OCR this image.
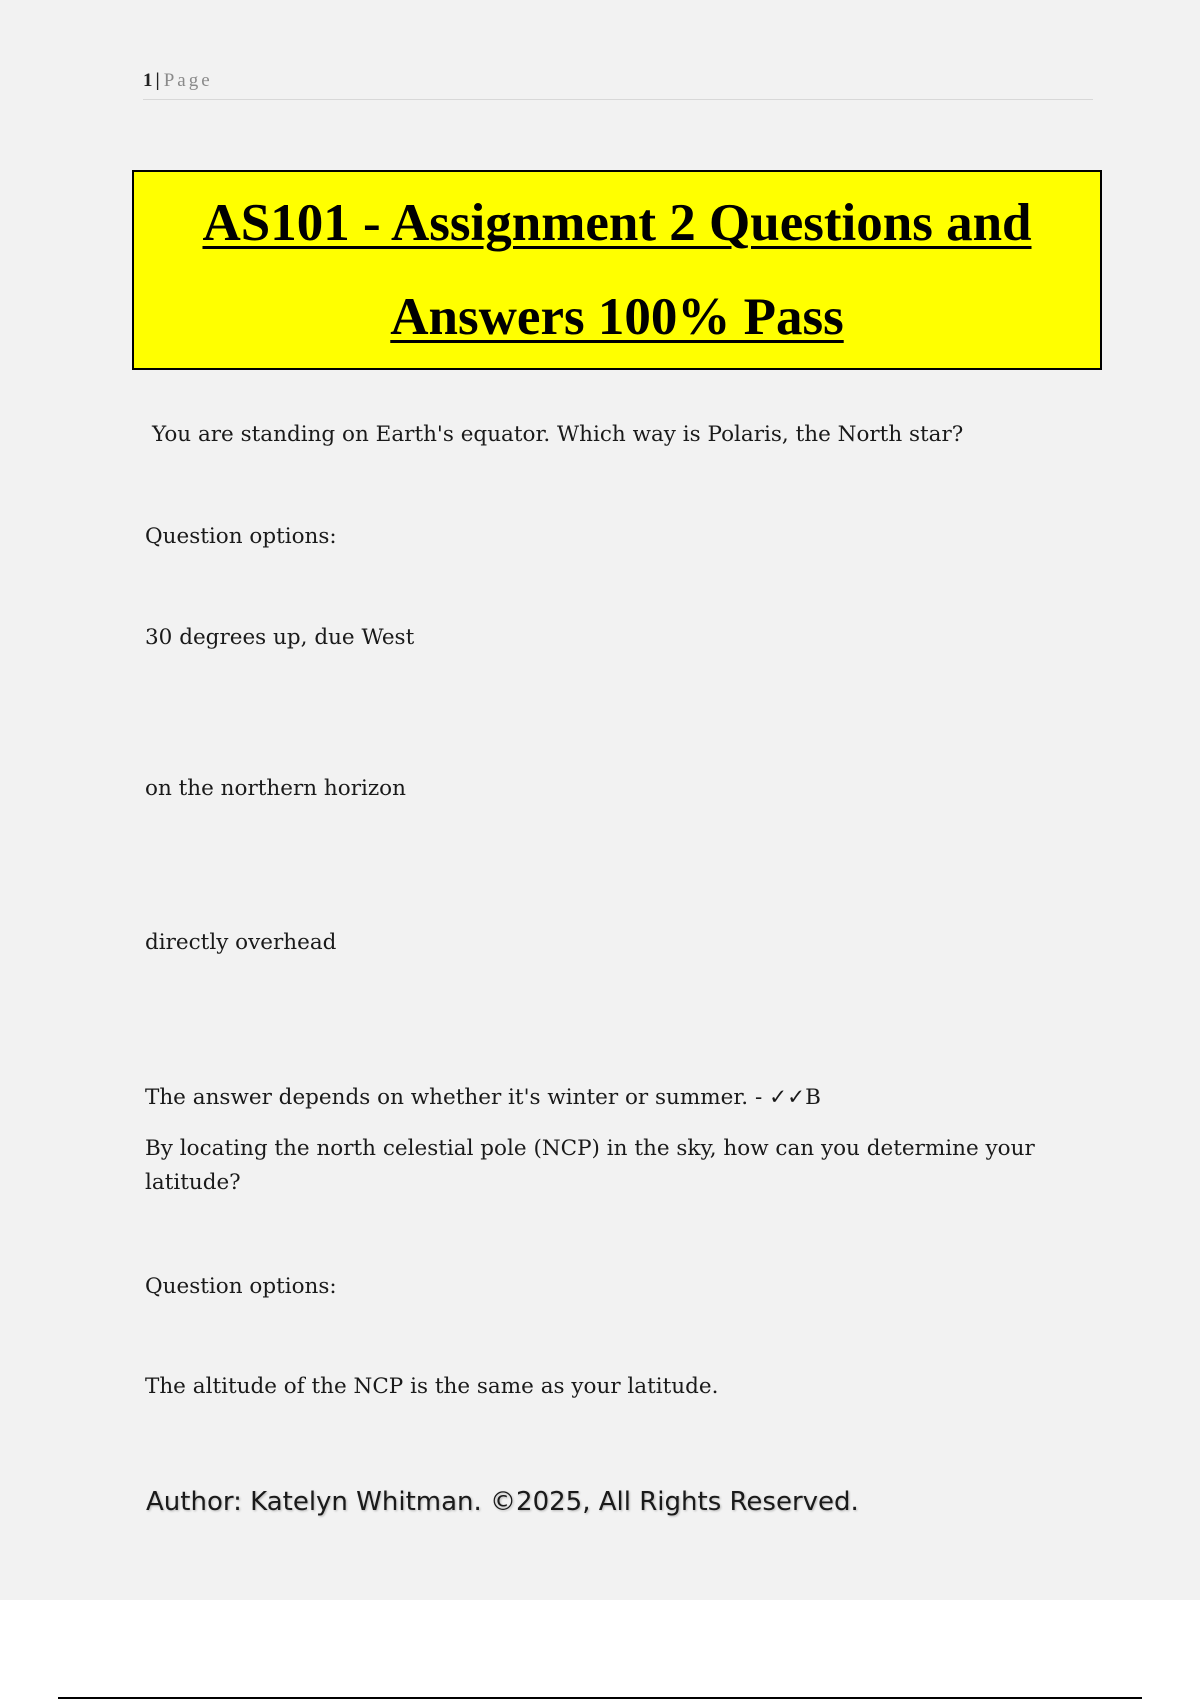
1 | Page
AS101 - Assignment 2 Questions and
Answers 100% Pass
You are standing on Earth's equator. Which way is Polaris, the North star?
Question options:
30 degrees up, due West
on the northern horizon
directly overhead
The answer depends on whether it's winter or summer. - ✓✓B
By locating the north celestial pole (NCP) in the sky, how can you determine your latitude?
Question options:
The altitude of the NCP is the same as your latitude.
Author: Katelyn Whitman. ©2025, All Rights Reserved.
